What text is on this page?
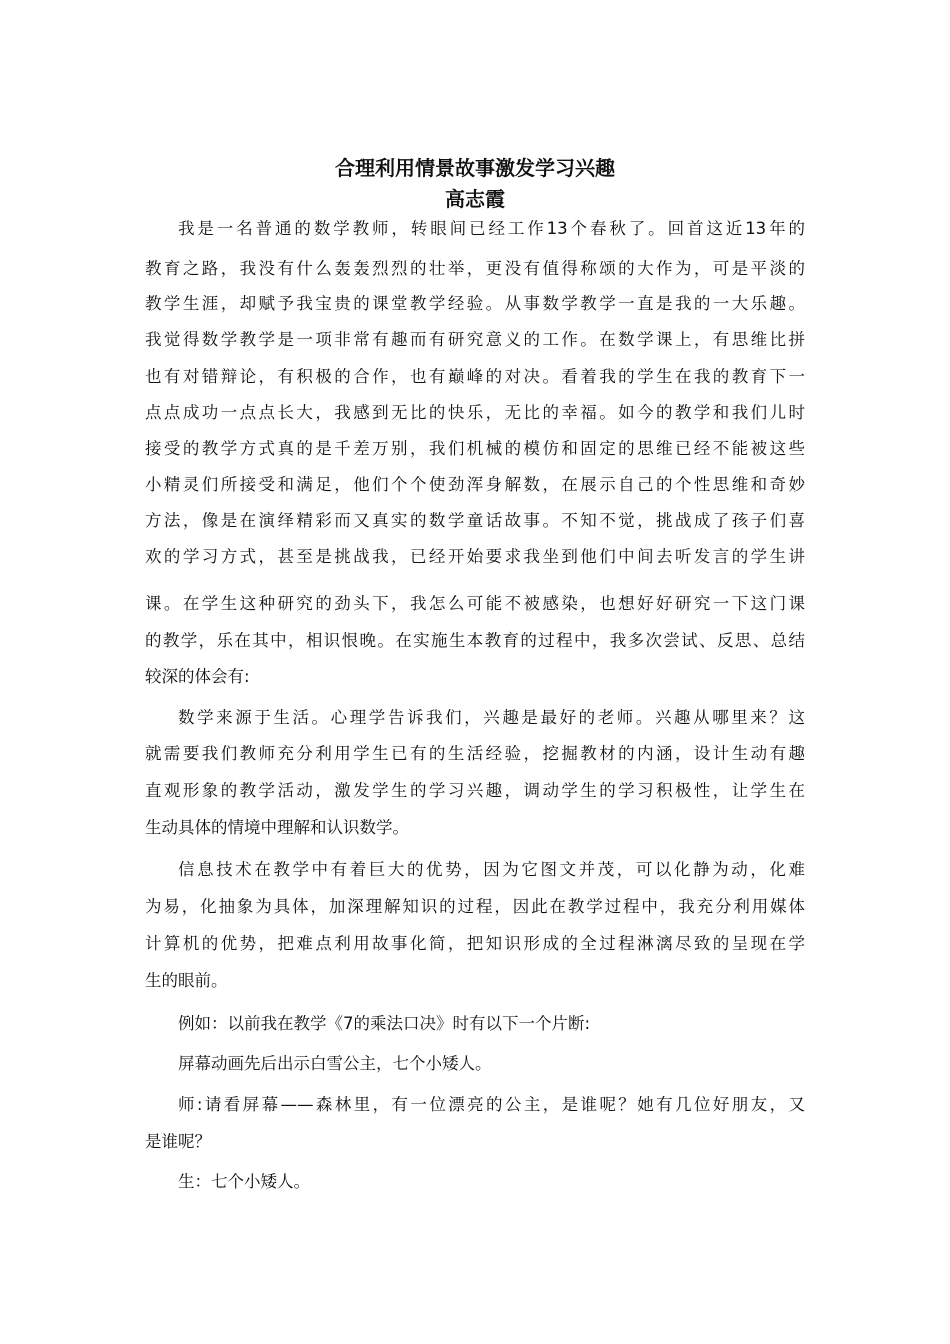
合理利用情景故事激发学习兴趣
高志霞

我是一名普通的数学教师，转眼间已经工作13个春秋了。回首这近13年的

教育之路，我没有什么轰轰烈烈的壮举，更没有值得称颂的大作为，可是平淡的

教学生涯，却赋予我宝贵的课堂教学经验。从事数学教学一直是我的一大乐趣。

我觉得数学教学是一项非常有趣而有研究意义的工作。在数学课上，有思维比拼

也有对错辩论，有积极的合作，也有巅峰的对决。看着我的学生在我的教育下一

点点成功一点点长大，我感到无比的快乐，无比的幸福。如今的教学和我们儿时

接受的教学方式真的是千差万别，我们机械的模仿和固定的思维已经不能被这些

小精灵们所接受和满足，他们个个使劲浑身解数，在展示自己的个性思维和奇妙

方法，像是在演绎精彩而又真实的数学童话故事。不知不觉，挑战成了孩子们喜

欢的学习方式，甚至是挑战我，已经开始要求我坐到他们中间去听发言的学生讲

课。在学生这种研究的劲头下，我怎么可能不被感染，也想好好研究一下这门课

的教学，乐在其中，相识恨晚。在实施生本教育的过程中，我多次尝试、反思、总结

较深的体会有:

数学来源于生活。心理学告诉我们，兴趣是最好的老师。兴趣从哪里来？这

就需要我们教师充分利用学生已有的生活经验，挖掘教材的内涵，设计生动有趣

直观形象的教学活动，激发学生的学习兴趣，调动学生的学习积极性，让学生在

生动具体的情境中理解和认识数学。

信息技术在教学中有着巨大的优势，因为它图文并茂，可以化静为动，化难

为易，化抽象为具体，加深理解知识的过程，因此在教学过程中，我充分利用媒体

计算机的优势，把难点利用故事化简，把知识形成的全过程淋漓尽致的呈现在学

生的眼前。

例如：以前我在教学《7的乘法口决》时有以下一个片断:

屏幕动画先后出示白雪公主，七个小矮人。

师:请看屏幕——森林里，有一位漂亮的公主，是谁呢？她有几位好朋友，又

是谁呢？

生：七个小矮人。
